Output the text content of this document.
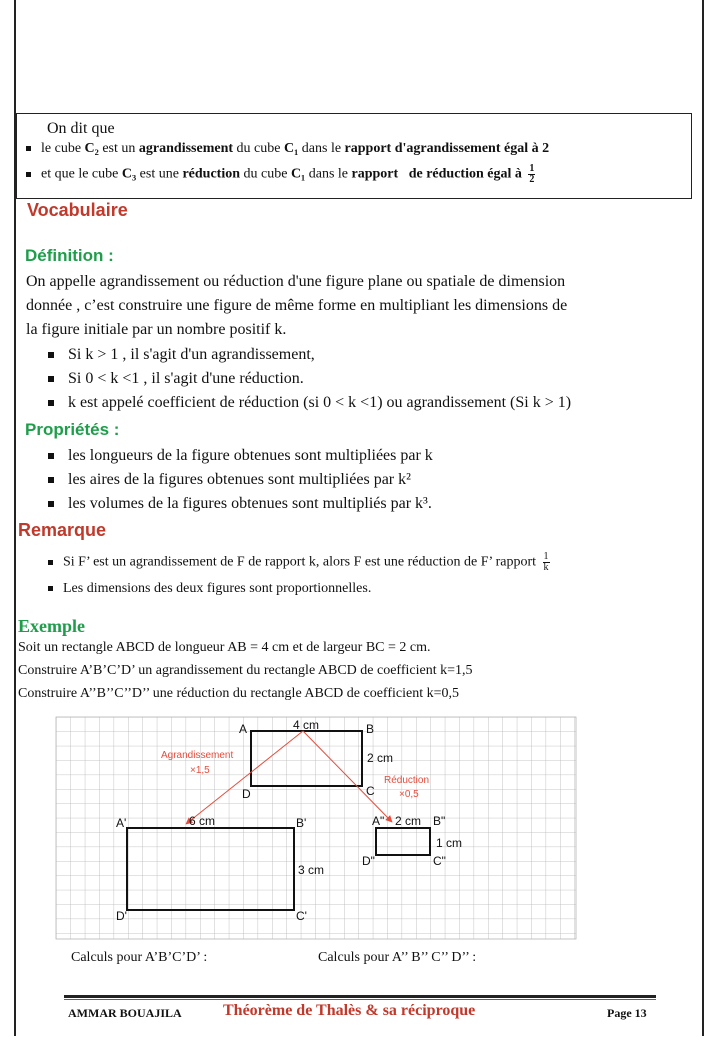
On dit que
le cube C₂ est un agrandissement du cube C₁ dans le rapport d'agrandissement égal à 2
et que le cube C₃ est une réduction du cube C₁ dans le rapport de réduction égal à $\frac{1}{2}$
Vocabulaire
Définition :
On appelle agrandissement ou réduction d'une figure plane ou spatiale de dimension
donnée , c’est construire une figure de même forme en multipliant les dimensions de
la figure initiale par un nombre positif k.
Si k > 1 , il s'agit d'un agrandissement,
Si 0 < k <1 , il s'agit d'une réduction.
k est appelé coefficient de réduction (si 0 < k <1) ou agrandissement (Si k > 1)
Propriétés :
les longueurs de la figure obtenues sont multipliées par k
les aires de la figures obtenues sont multipliées par k²
les volumes de la figures obtenues sont multipliés par k³.
Remarque
Si F’ est un agrandissement de F de rapport k, alors F est une réduction de F’ rapport $\frac{1}{k}$
Les dimensions des deux figures sont proportionnelles.
Exemple
Soit un rectangle ABCD de longueur AB = 4 cm et de largeur BC = 2 cm.
Construire A’B’C’D’ un agrandissement du rectangle ABCD de coefficient k=1,5
Construire A’’B’’C’’D’’ une réduction du rectangle ABCD de coefficient k=0,5
A	4 cm	B
2 cm
D	C
Agrandissement
×1,5
Réduction
×0,5
A'	6 cm	B'
3 cm
D'	C'
A" 2 cm B"
1 cm
D"	C"
Calculs pour A’B’C’D’ :	Calculs pour A’’ B’’ C’’ D’’ :
AMMAR BOUAJILA	Théorème de Thalès & sa réciproque	Page 13
